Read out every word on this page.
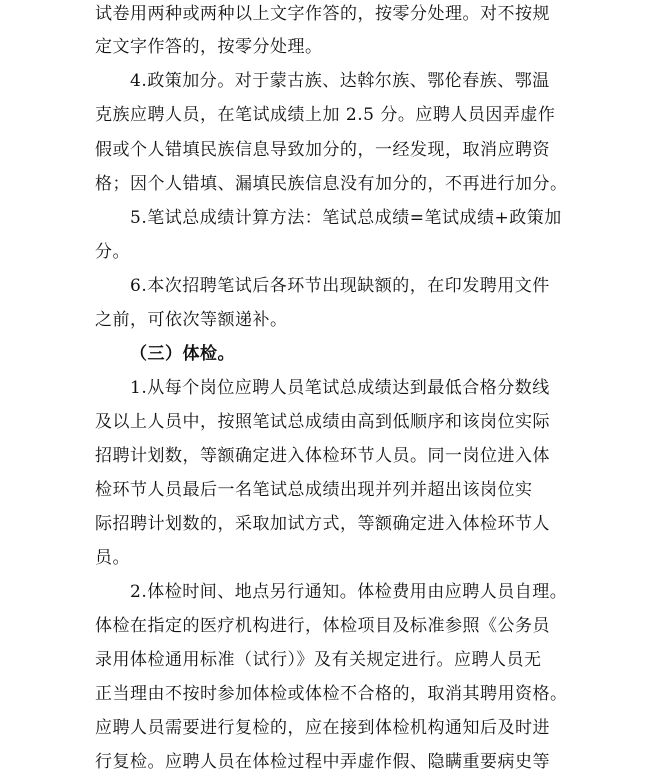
试卷用两种或两种以上文字作答的，按零分处理。对不按规
定文字作答的，按零分处理。
4.政策加分。对于蒙古族、达斡尔族、鄂伦春族、鄂温
克族应聘人员，在笔试成绩上加 2.5 分。应聘人员因弄虚作
假或个人错填民族信息导致加分的，一经发现，取消应聘资
格；因个人错填、漏填民族信息没有加分的，不再进行加分。
5.笔试总成绩计算方法：笔试总成绩=笔试成绩+政策加
分。
6.本次招聘笔试后各环节出现缺额的，在印发聘用文件
之前，可依次等额递补。
（三）体检。
1.从每个岗位应聘人员笔试总成绩达到最低合格分数线
及以上人员中，按照笔试总成绩由高到低顺序和该岗位实际
招聘计划数，等额确定进入体检环节人员。同一岗位进入体
检环节人员最后一名笔试总成绩出现并列并超出该岗位实
际招聘计划数的，采取加试方式，等额确定进入体检环节人
员。
2.体检时间、地点另行通知。体检费用由应聘人员自理。
体检在指定的医疗机构进行，体检项目及标准参照《公务员
录用体检通用标准（试行）》及有关规定进行。应聘人员无
正当理由不按时参加体检或体检不合格的，取消其聘用资格。
应聘人员需要进行复检的，应在接到体检机构通知后及时进
行复检。应聘人员在体检过程中弄虚作假、隐瞒重要病史等
